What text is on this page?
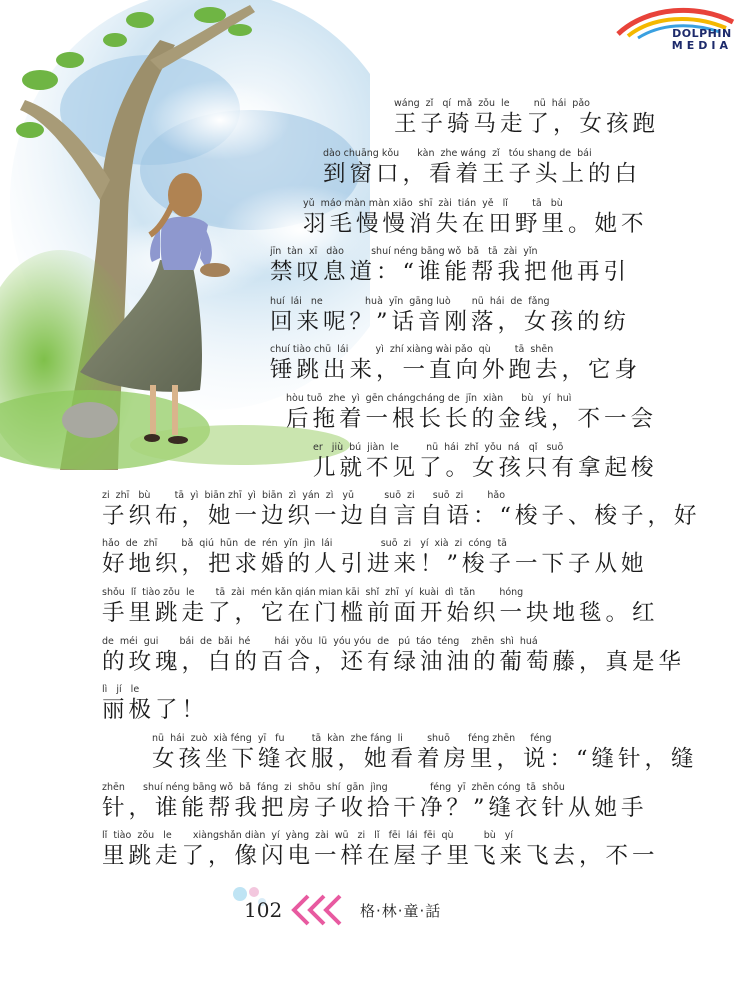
DOLPHIN
MEDIA
wáng  zǐ   qí  mǎ  zǒu  le        nǚ  hái  pǎo
王子骑马走了，女孩跑
dào chuāng kǒu      kàn  zhe wáng  zǐ   tóu shang de  bái
到窗口，看着王子头上的白
yǔ  máo màn màn xiāo  shī  zài  tián  yě   lǐ        tā   bù
羽毛慢慢消失在田野里。她不
jīn  tàn  xī   dào         shuí néng bāng wǒ  bǎ   tā  zài  yǐn
禁叹息道：“谁能帮我把他再引
huí  lái   ne              huà  yīn  gāng luò       nǚ  hái  de  fǎng
回来呢？”话音刚落，女孩的纺
chuí tiào chū  lái         yì  zhí xiàng wài pǎo  qù        tā  shēn
锤跳出来，一直向外跑去，它身
hòu tuō  zhe  yì  gēn chángcháng de  jīn  xiàn      bù   yí  huì
后拖着一根长长的金线，不一会
er   jiù  bú  jiàn  le         nǚ  hái  zhǐ  yǒu  ná   qǐ   suō
儿就不见了。女孩只有拿起梭
zi  zhī   bù        tā  yì  biān zhī  yì  biān  zì  yán  zì   yǔ          suō  zi      suō  zi        hǎo
子织布，她一边织一边自言自语：“梭子、梭子，好
hǎo  de  zhī        bǎ  qiú  hūn  de  rén  yǐn  jìn  lái                suō  zi   yí  xià  zi  cóng  tā
好地织，把求婚的人引进来！”梭子一下子从她
shǒu  lǐ  tiào zǒu  le       tā  zài  mén kǎn qián mian kāi  shǐ  zhī  yí  kuài  dì  tǎn        hóng
手里跳走了，它在门槛前面开始织一块地毯。红
de  méi  gui       bái  de  bǎi  hé        hái  yǒu  lǜ  yóu yóu  de   pú  táo  téng    zhēn  shì  huá
的玫瑰，白的百合，还有绿油油的葡萄藤，真是华
lì   jí   le
丽极了！
nǚ  hái  zuò  xià féng  yī   fu         tā  kàn  zhe fáng  li        shuō      féng zhēn     féng
女孩坐下缝衣服，她看着房里，说：“缝针，缝
zhēn      shuí néng bāng wǒ  bǎ  fáng  zi  shōu  shí  gān  jìng              féng  yī  zhēn cóng  tā  shǒu
针，谁能帮我把房子收拾干净？”缝衣针从她手
lǐ  tiào  zǒu   le       xiàngshǎn diàn  yí  yàng  zài  wū   zi   lǐ   fēi  lái  fēi  qù          bù   yí
里跳走了，像闪电一样在屋子里飞来飞去，不一
102	格·林·童·話
